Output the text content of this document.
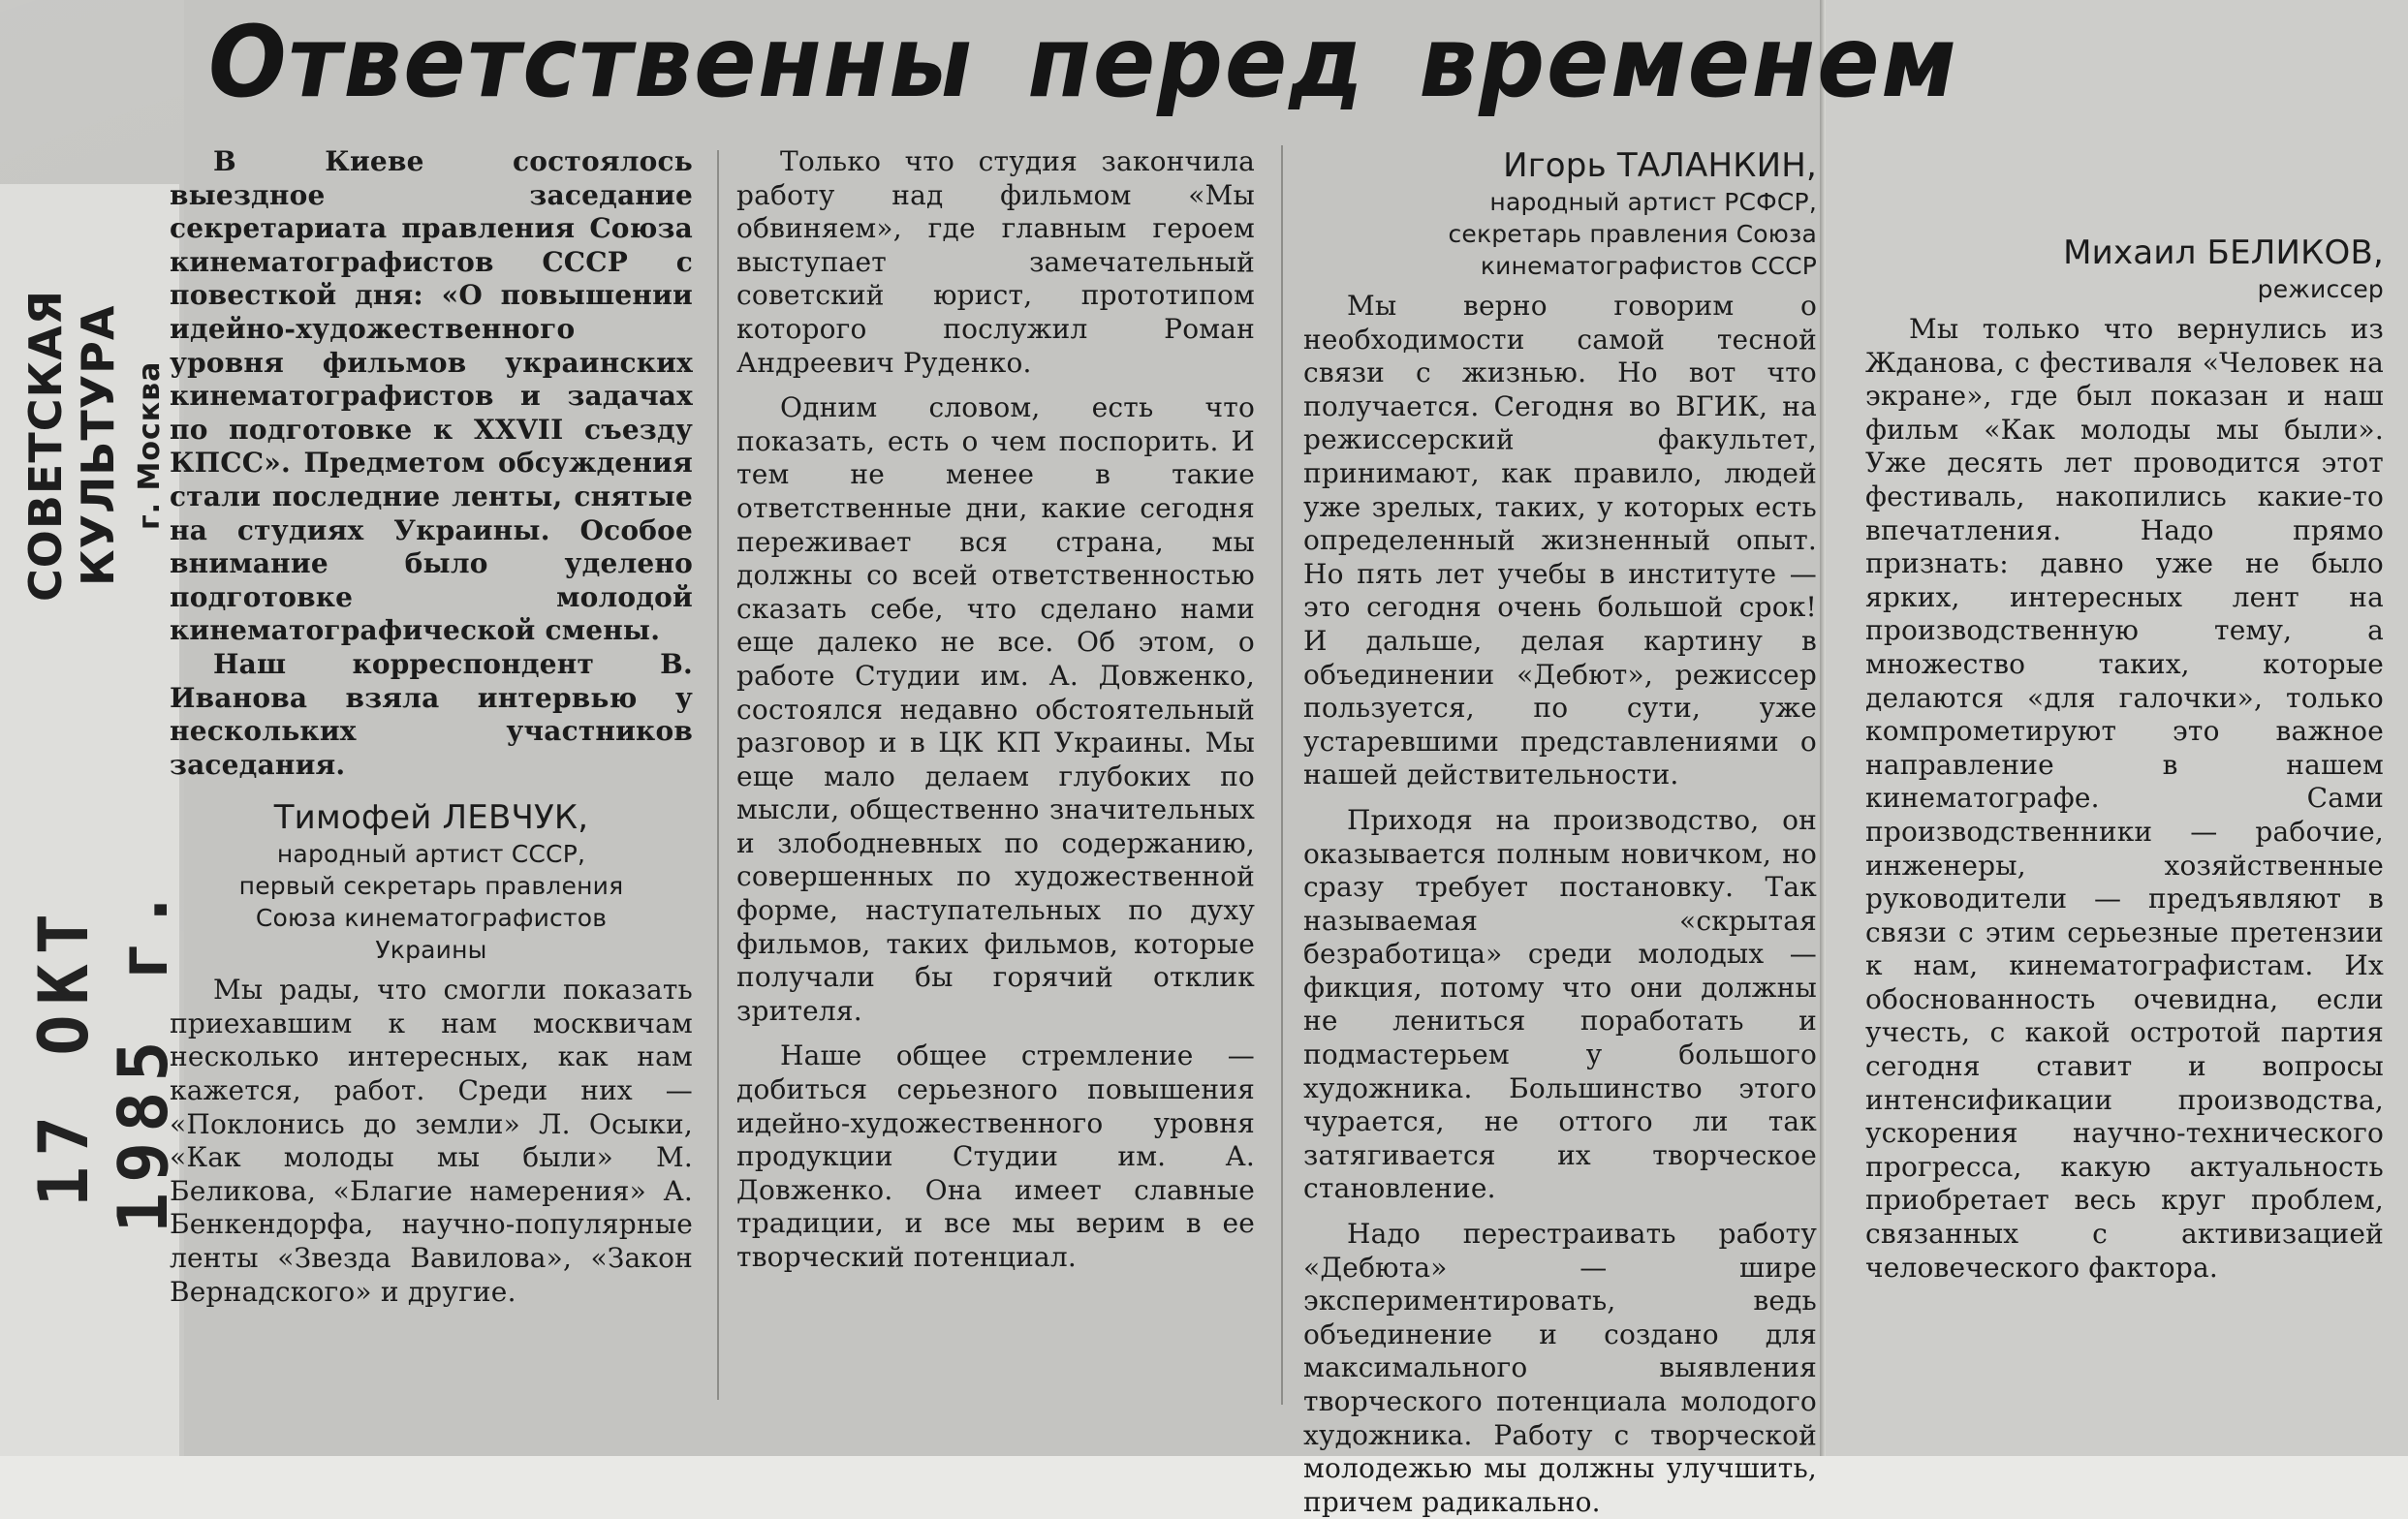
Ответственны перед временем
СОВЕТСКАЯ КУЛЬТУРА г. Москва
17 ОКТ 1985 г.

В Киеве состоялось выездное заседание секретариата правления Союза кинематографистов СССР с повесткой дня: «О повышении идейно-художественного уровня фильмов украинских кинематографистов и задачах по подготовке к XXVII съезду КПСС». Предметом обсуждения стали последние ленты, снятые на студиях Украины. Особое внимание было уделено подготовке молодой кинематографической смены.

Наш корреспондент В. Иванова взяла интервью у нескольких участников заседания.

Тимофей ЛЕВЧУК,
народный артист СССР,
первый секретарь правления
Союза кинематографистов
Украины

Мы рады, что смогли показать приехавшим к нам москвичам несколько интересных, как нам кажется, работ. Среди них — «Поклонись до земли» Л. Осыки, «Как молоды мы были» М. Беликова, «Благие намерения» А. Бенкендорфа, научно-популярные ленты «Звезда Вавилова», «Закон Вернадского» и другие.

Только что студия закончила работу над фильмом «Мы обвиняем», где главным героем выступает замечательный советский юрист, прототипом которого послужил Роман Андреевич Руденко.

Одним словом, есть что показать, есть о чем поспорить. И тем не менее в такие ответственные дни, какие сегодня переживает вся страна, мы должны со всей ответственностью сказать себе, что сделано нами еще далеко не все. Об этом, о работе Студии им. А. Довженко, состоялся недавно обстоятельный разговор и в ЦК КП Украины. Мы еще мало делаем глубоких по мысли, общественно значительных и злободневных по содержанию, совершенных по художественной форме, наступательных по духу фильмов, таких фильмов, которые получали бы горячий отклик зрителя.

Наше общее стремление — добиться серьезного повышения идейно-художественного уровня продукции Студии им. А. Довженко. Она имеет славные традиции, и все мы верим в ее творческий потенциал.

Игорь ТАЛАНКИН,
народный артист РСФСР,
секретарь правления Союза
кинематографистов СССР

Мы верно говорим о необходимости самой тесной связи с жизнью. Но вот что получается. Сегодня во ВГИК, на режиссерский факультет, принимают, как правило, людей уже зрелых, таких, у которых есть определенный жизненный опыт. Но пять лет учебы в институте — это сегодня очень большой срок! И дальше, делая картину в объединении «Дебют», режиссер пользуется, по сути, уже устаревшими представлениями о нашей действительности.

Приходя на производство, он оказывается полным новичком, но сразу требует постановку. Так называемая «скрытая безработица» среди молодых — фикция, потому что они должны не лениться поработать и подмастерьем у большого художника. Большинство этого чурается, не оттого ли так затягивается их творческое становление.

Надо перестраивать работу «Дебюта» — шире экспериментировать, ведь объединение и создано для максимального выявления творческого потенциала молодого художника. Работу с творческой молодежью мы должны улучшить, причем радикально.

Михаил БЕЛИКОВ,
режиссер

Мы только что вернулись из Жданова, с фестиваля «Человек на экране», где был показан и наш фильм «Как молоды мы были». Уже десять лет проводится этот фестиваль, накопились какие-то впечатления. Надо прямо признать: давно уже не было ярких, интересных лент на производственную тему, а множество таких, которые делаются «для галочки», только компрометируют это важное направление в нашем кинематографе. Сами производственники — рабочие, инженеры, хозяйственные руководители — предъявляют в связи с этим серьезные претензии к нам, кинематографистам. Их обоснованность очевидна, если учесть, с какой остротой партия сегодня ставит и вопросы интенсификации производства, ускорения научно-технического прогресса, какую актуальность приобретает весь круг проблем, связанных с активизацией человеческого фактора.
